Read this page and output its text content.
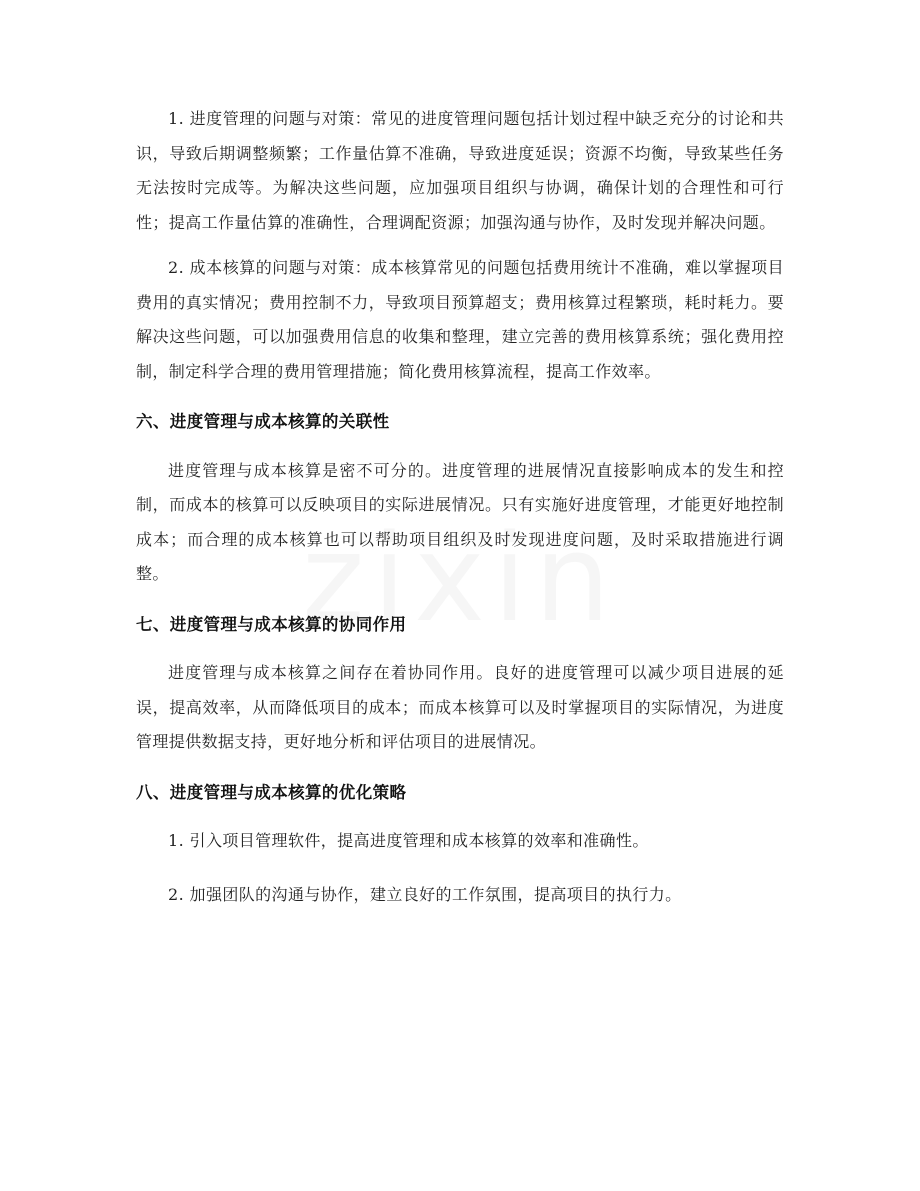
1. 进度管理的问题与对策：常见的进度管理问题包括计划过程中缺乏充分的讨论和共识，导致后期调整频繁；工作量估算不准确，导致进度延误；资源不均衡，导致某些任务无法按时完成等。为解决这些问题，应加强项目组织与协调，确保计划的合理性和可行性；提高工作量估算的准确性，合理调配资源；加强沟通与协作，及时发现并解决问题。

2. 成本核算的问题与对策：成本核算常见的问题包括费用统计不准确，难以掌握项目费用的真实情况；费用控制不力，导致项目预算超支；费用核算过程繁琐，耗时耗力。要解决这些问题，可以加强费用信息的收集和整理，建立完善的费用核算系统；强化费用控制，制定科学合理的费用管理措施；简化费用核算流程，提高工作效率。

六、进度管理与成本核算的关联性

进度管理与成本核算是密不可分的。进度管理的进展情况直接影响成本的发生和控制，而成本的核算可以反映项目的实际进展情况。只有实施好进度管理，才能更好地控制成本；而合理的成本核算也可以帮助项目组织及时发现进度问题，及时采取措施进行调整。

七、进度管理与成本核算的协同作用

进度管理与成本核算之间存在着协同作用。良好的进度管理可以减少项目进展的延误，提高效率，从而降低项目的成本；而成本核算可以及时掌握项目的实际情况，为进度管理提供数据支持，更好地分析和评估项目的进展情况。

八、进度管理与成本核算的优化策略

1. 引入项目管理软件，提高进度管理和成本核算的效率和准确性。

2. 加强团队的沟通与协作，建立良好的工作氛围，提高项目的执行力。
